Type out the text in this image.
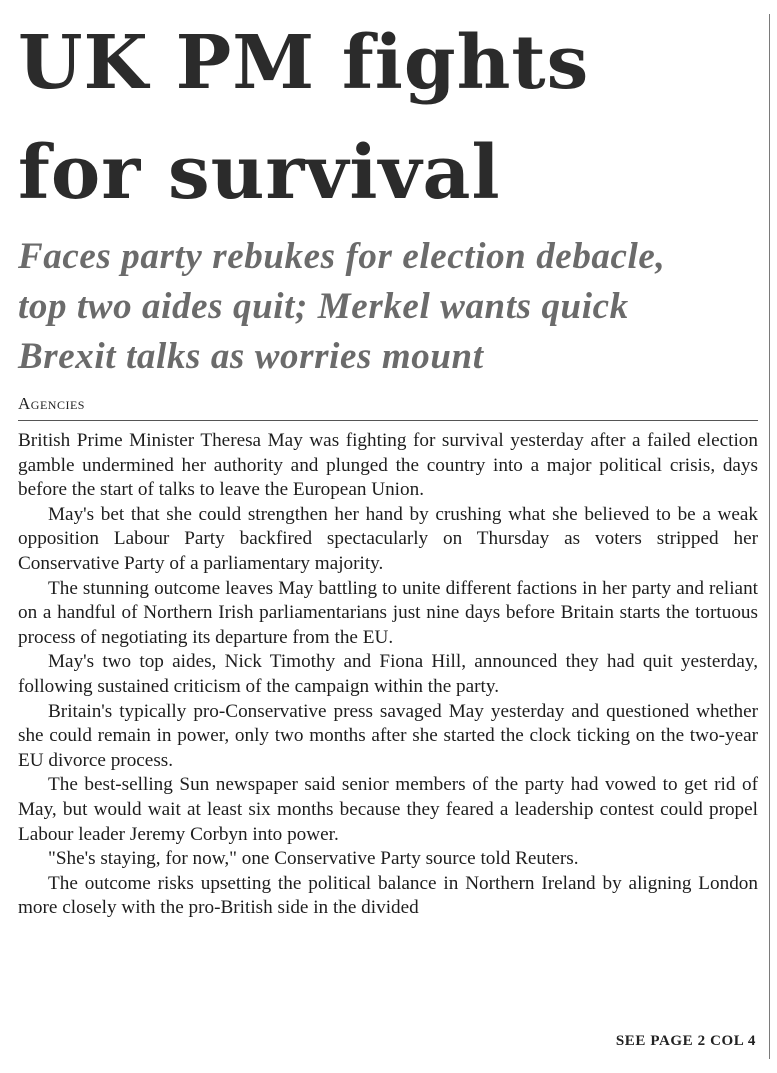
UK PM fights
for survival
Faces party rebukes for election debacle,
top two aides quit; Merkel wants quick
Brexit talks as worries mount
Agencies

British Prime Minister Theresa May was fighting for survival yesterday after a failed election gamble undermined her authority and plunged the country into a major political crisis, days before the start of talks to leave the European Union.

May's bet that she could strengthen her hand by crushing what she believed to be a weak opposition Labour Party backfired spectacularly on Thursday as voters stripped her Conservative Party of a parliamentary majority.

The stunning outcome leaves May battling to unite different factions in her party and reliant on a handful of Northern Irish parliamentarians just nine days before Britain starts the tortuous process of negotiating its departure from the EU.

May's two top aides, Nick Timothy and Fiona Hill, announced they had quit yesterday, following sustained criticism of the campaign within the party.

Britain's typically pro-Conservative press savaged May yesterday and questioned whether she could remain in power, only two months after she started the clock ticking on the two-year EU divorce process.

The best-selling Sun newspaper said senior members of the party had vowed to get rid of May, but would wait at least six months because they feared a leadership contest could propel Labour leader Jeremy Corbyn into power.

"She's staying, for now," one Conservative Party source told Reuters.

The outcome risks upsetting the political balance in Northern Ireland by aligning London more closely with the pro-British side in the divided

SEE PAGE 2 COL 4
